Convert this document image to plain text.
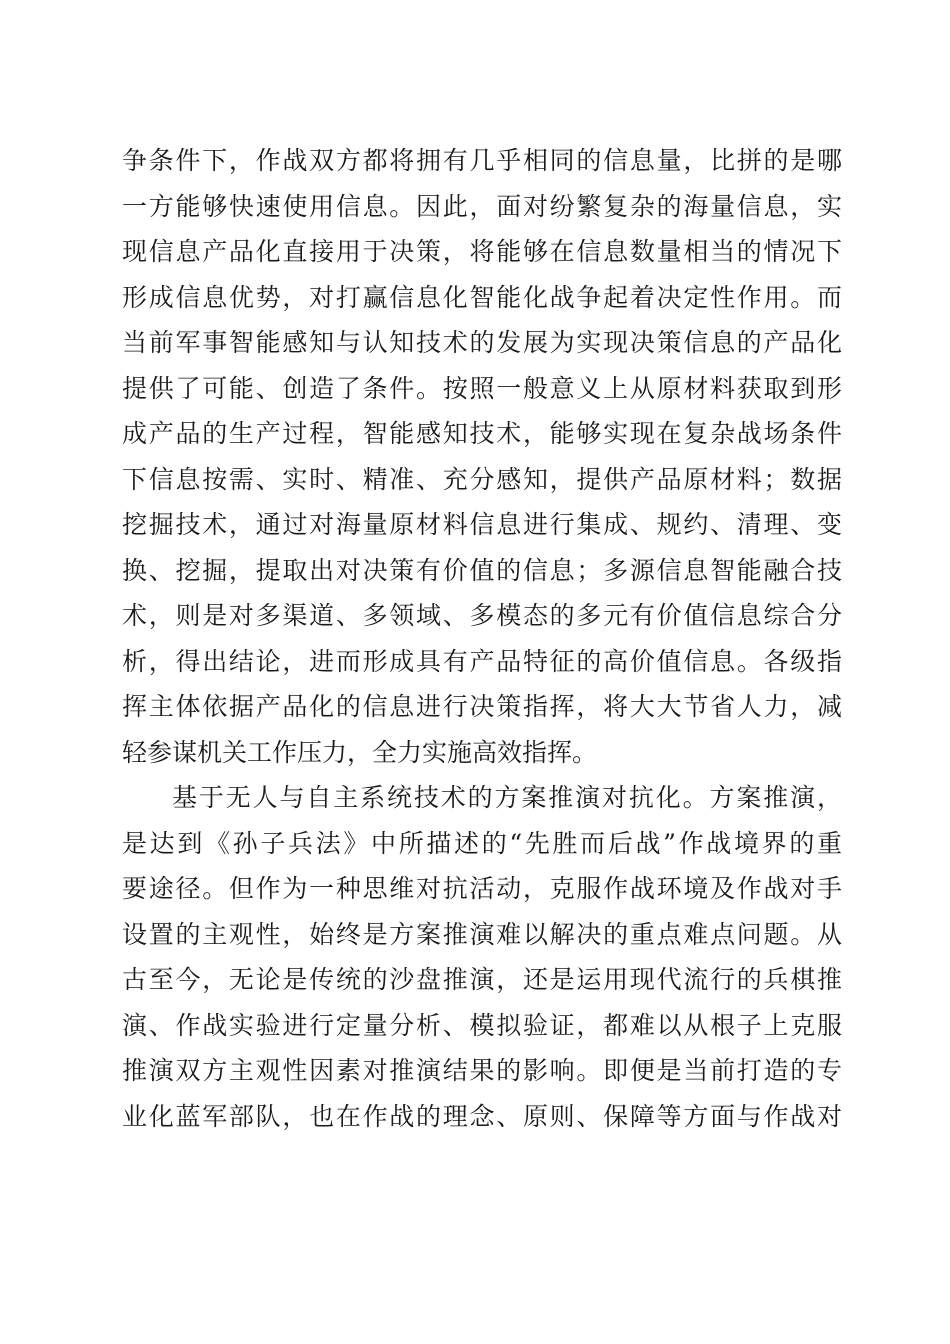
争条件下，作战双方都将拥有几乎相同的信息量，比拼的是哪
一方能够快速使用信息。因此，面对纷繁复杂的海量信息，实
现信息产品化直接用于决策，将能够在信息数量相当的情况下
形成信息优势，对打赢信息化智能化战争起着决定性作用。而
当前军事智能感知与认知技术的发展为实现决策信息的产品化
提供了可能、创造了条件。按照一般意义上从原材料获取到形
成产品的生产过程，智能感知技术，能够实现在复杂战场条件
下信息按需、实时、精准、充分感知，提供产品原材料；数据
挖掘技术，通过对海量原材料信息进行集成、规约、清理、变
换、挖掘，提取出对决策有价值的信息；多源信息智能融合技
术，则是对多渠道、多领域、多模态的多元有价值信息综合分
析，得出结论，进而形成具有产品特征的高价值信息。各级指
挥主体依据产品化的信息进行决策指挥，将大大节省人力，减
轻参谋机关工作压力，全力实施高效指挥。
基于无人与自主系统技术的方案推演对抗化。方案推演，
是达到《孙子兵法》中所描述的“先胜而后战”作战境界的重
要途径。但作为一种思维对抗活动，克服作战环境及作战对手
设置的主观性，始终是方案推演难以解决的重点难点问题。从
古至今，无论是传统的沙盘推演，还是运用现代流行的兵棋推
演、作战实验进行定量分析、模拟验证，都难以从根子上克服
推演双方主观性因素对推演结果的影响。即便是当前打造的专
业化蓝军部队，也在作战的理念、原则、保障等方面与作战对
